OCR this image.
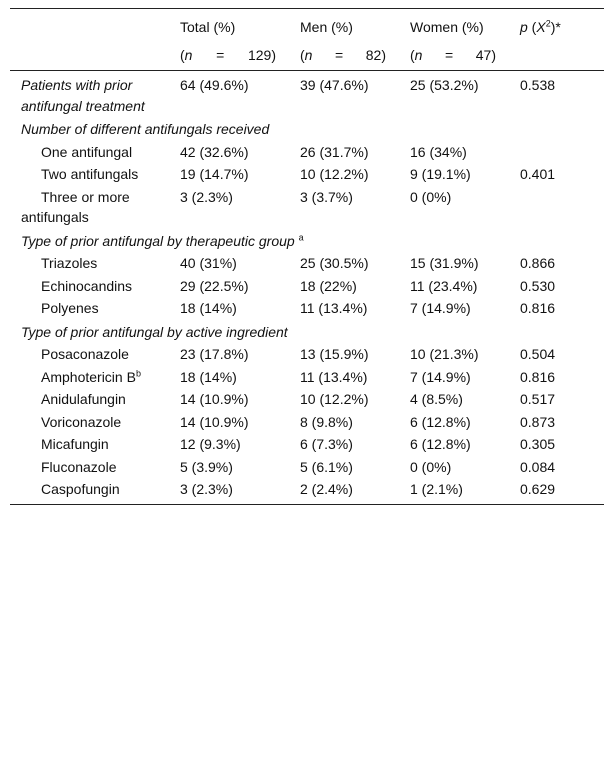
	Total (%)	Men (%)	Women (%)	p $(X^2)*$

	(n = 129)	(n = 82)	(n = 47)	

Patients with prior antifungal treatment	64 (49.6%)	39 (47.6%)	25 (53.2%)	0.538
Number of different antifungals received				
One antifungal	42 (32.6%)	26 (31.7%)	16 (34%)	
Two antifungals	19 (14.7%)	10 (12.2%)	9 (19.1%)	0.401
Three or more antifungals	3 (2.3%)	3 (3.7%)	0 (0%)	
Type of prior antifungal by therapeutic group $^a$
Triazoles	40 (31%)	25 (30.5%)	15 (31.9%)	0.866
Echinocandins	29 (22.5%)	18 (22%)	11 (23.4%)	0.530
Polyenes	18 (14%)	11 (13.4%)	7 (14.9%)	0.816
Type of prior antifungal by active ingredient				
Posaconazole	23 (17.8%)	13 (15.9%)	10 (21.3%)	0.504
Amphotericin $B^b$	18 (14%)	11 (13.4%)	7 (14.9%)	0.816
Anidulafungin	14 (10.9%)	10 (12.2%)	4 (8.5%)	0.517
Voriconazole	14 (10.9%)	8 (9.8%)	6 (12.8%)	0.873
Micafungin	12 (9.3%)	6 (7.3%)	6 (12.8%)	0.305
Fluconazole	5 (3.9%)	5 (6.1%)	0 (0%)	0.084
Caspofungin	3 (2.3%)	2 (2.4%)	1 (2.1%)	0.629
